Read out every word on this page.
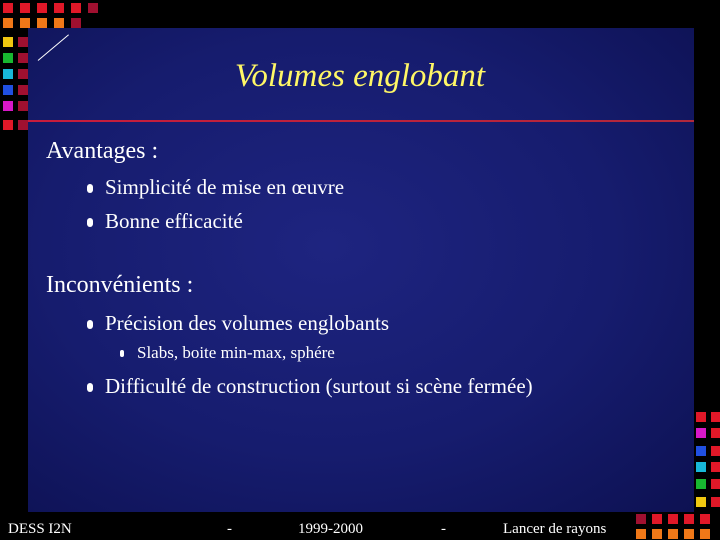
Volumes englobant
Avantages :
Simplicité de mise en œuvre
Bonne efficacité
Inconvénients :
Précision des volumes englobants
Slabs, boite min-max, sphére
Difficulté de construction (surtout si scène fermée)
DESS I2N	-	1999-2000	-	Lancer de rayons
